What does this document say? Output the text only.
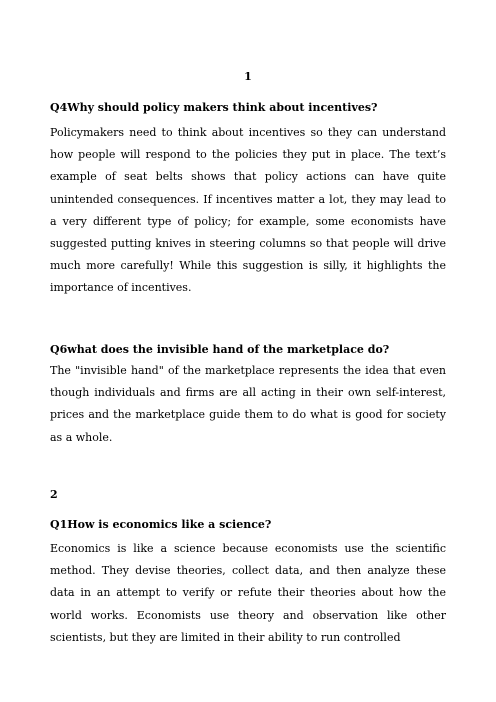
1
Q4Why should policy makers think about incentives?
Policymakers need to think about incentives so they can understand how people will respond to the policies they put in place. The text’s example of seat belts shows that policy actions can have quite unintended consequences. If incentives matter a lot, they may lead to a very different type of policy; for example, some economists have suggested putting knives in steering columns so that people will drive much more carefully! While this suggestion is silly, it highlights the importance of incentives.
Q6what does the invisible hand of the marketplace do?
The "invisible hand" of the marketplace represents the idea that even though individuals and firms are all acting in their own self-interest, prices and the marketplace guide them to do what is good for society as a whole.
2
Q1How is economics like a science?
Economics is like a science because economists use the scientific method. They devise theories, collect data, and then analyze these data in an attempt to verify or refute their theories about how the world works. Economists use theory and observation like other scientists, but they are limited in their ability to run controlled
